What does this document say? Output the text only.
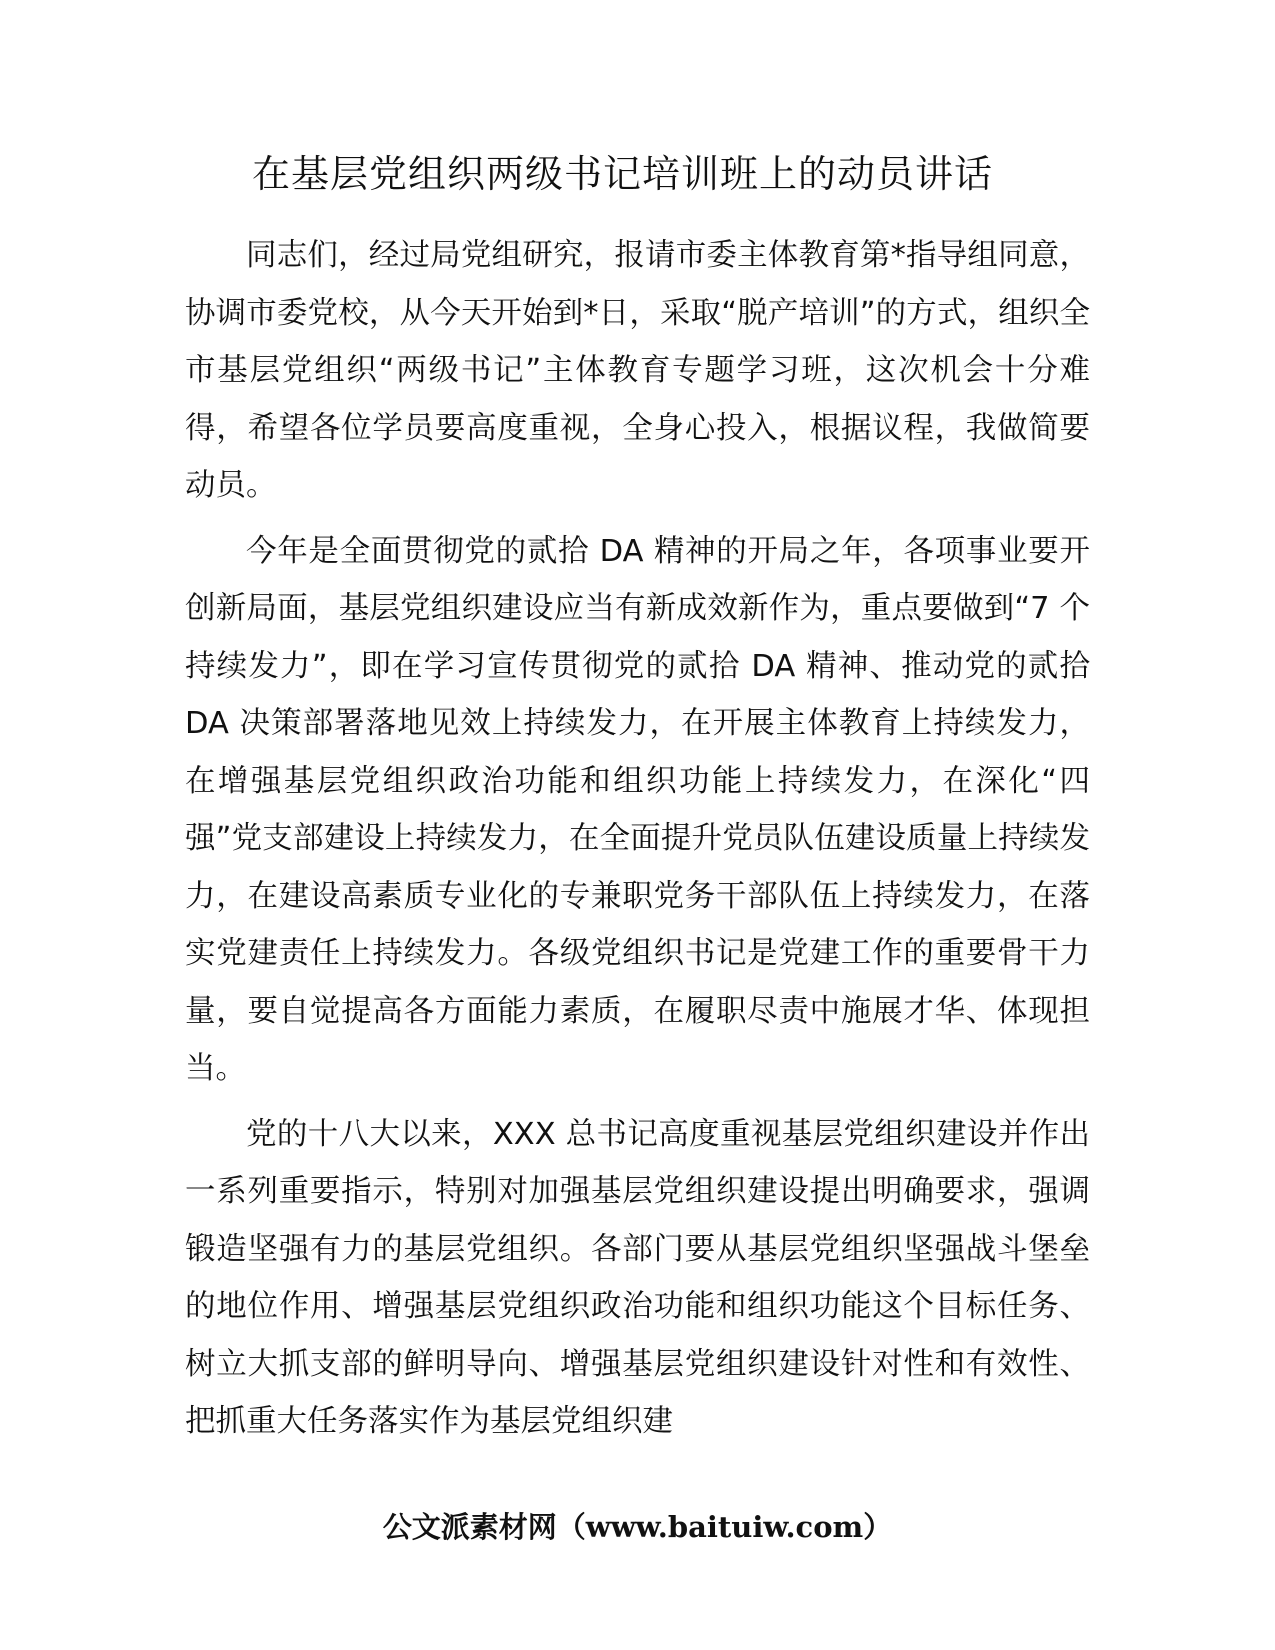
在基层党组织两级书记培训班上的动员讲话

同志们，经过局党组研究，报请市委主体教育第*指导组同意，协调市委党校，从今天开始到*日，采取“脱产培训”的方式，组织全市基层党组织“两级书记”主体教育专题学习班，这次机会十分难得，希望各位学员要高度重视，全身心投入，根据议程，我做简要动员。

今年是全面贯彻党的贰拾 DA 精神的开局之年，各项事业要开创新局面，基层党组织建设应当有新成效新作为，重点要做到“7 个持续发力”，即在学习宣传贯彻党的贰拾 DA 精神、推动党的贰拾 DA 决策部署落地见效上持续发力，在开展主体教育上持续发力，在增强基层党组织政治功能和组织功能上持续发力，在深化“四强”党支部建设上持续发力，在全面提升党员队伍建设质量上持续发力，在建设高素质专业化的专兼职党务干部队伍上持续发力，在落实党建责任上持续发力。各级党组织书记是党建工作的重要骨干力量，要自觉提高各方面能力素质，在履职尽责中施展才华、体现担当。

党的十八大以来，XXX 总书记高度重视基层党组织建设并作出一系列重要指示，特别对加强基层党组织建设提出明确要求，强调锻造坚强有力的基层党组织。各部门要从基层党组织坚强战斗堡垒的地位作用、增强基层党组织政治功能和组织功能这个目标任务、树立大抓支部的鲜明导向、增强基层党组织建设针对性和有效性、把抓重大任务落实作为基层党组织建

公文派素材网（www.baituiw.com）
